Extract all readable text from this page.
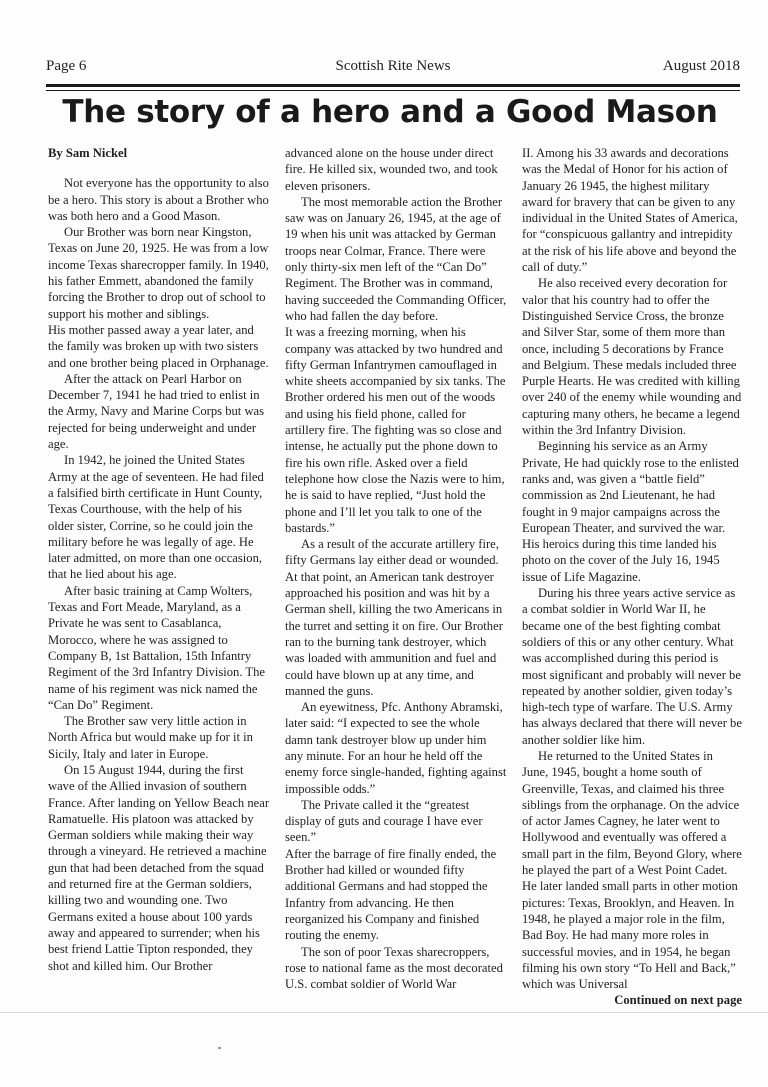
Page 6	Scottish Rite News	August 2018
The story of a hero and a Good Mason

By Sam Nickel

Not everyone has the opportunity to also be a hero. This story is about a Brother who was both hero and a Good Mason.

Our Brother was born near Kingston, Texas on June 20, 1925. He was from a low income Texas sharecropper family. In 1940, his father Emmett, abandoned the family forcing the Brother to drop out of school to support his mother and siblings.

His mother passed away a year later, and the family was broken up with two sisters and one brother being placed in Orphanage.

After the attack on Pearl Harbor on December 7, 1941 he had tried to enlist in the Army, Navy and Marine Corps but was rejected for being underweight and under age.

In 1942, he joined the United States Army at the age of seventeen. He had filed a falsified birth certificate in Hunt County, Texas Courthouse, with the help of his older sister, Corrine, so he could join the military before he was legally of age. He later admitted, on more than one occasion, that he lied about his age.

After basic training at Camp Wolters, Texas and Fort Meade, Maryland, as a Private he was sent to Casablanca, Morocco, where he was assigned to Company B, 1st Battalion, 15th Infantry Regiment of the 3rd Infantry Division. The name of his regiment was nick named the “Can Do” Regiment.

The Brother saw very little action in North Africa but would make up for it in Sicily, Italy and later in Europe.

On 15 August 1944, during the first wave of the Allied invasion of southern France. After landing on Yellow Beach near Ramatuelle. His platoon was attacked by German soldiers while making their way through a vineyard. He retrieved a machine gun that had been detached from the squad and returned fire at the German soldiers, killing two and wounding one. Two Germans exited a house about 100 yards away and appeared to surrender; when his best friend Lattie Tipton responded, they shot and killed him. Our Brother

advanced alone on the house under direct fire. He killed six, wounded two, and took eleven prisoners.

The most memorable action the Brother saw was on January 26, 1945, at the age of 19 when his unit was attacked by German troops near Colmar, France. There were only thirty-six men left of the “Can Do” Regiment. The Brother was in command, having succeeded the Commanding Officer, who had fallen the day before.

It was a freezing morning, when his company was attacked by two hundred and fifty German Infantrymen camouflaged in white sheets accompanied by six tanks. The Brother ordered his men out of the woods and using his field phone, called for artillery fire. The fighting was so close and intense, he actually put the phone down to fire his own rifle. Asked over a field telephone how close the Nazis were to him, he is said to have replied, “Just hold the phone and I’ll let you talk to one of the bastards.”

As a result of the accurate artillery fire, fifty Germans lay either dead or wounded. At that point, an American tank destroyer approached his position and was hit by a German shell, killing the two Americans in the turret and setting it on fire. Our Brother ran to the burning tank destroyer, which was loaded with ammunition and fuel and could have blown up at any time, and manned the guns.

An eyewitness, Pfc. Anthony Abramski, later said: “I expected to see the whole damn tank destroyer blow up under him any minute. For an hour he held off the enemy force single-handed, fighting against impossible odds.”

The Private called it the “greatest display of guts and courage I have ever seen.”

After the barrage of fire finally ended, the Brother had killed or wounded fifty additional Germans and had stopped the Infantry from advancing. He then reorganized his Company and finished routing the enemy.

The son of poor Texas sharecroppers, rose to national fame as the most decorated U.S. combat soldier of World War

II. Among his 33 awards and decorations was the Medal of Honor for his action of January 26 1945, the highest military award for bravery that can be given to any individual in the United States of America, for “conspicuous gallantry and intrepidity at the risk of his life above and beyond the call of duty.”

He also received every decoration for valor that his country had to offer the Distinguished Service Cross, the bronze and Silver Star, some of them more than once, including 5 decorations by France and Belgium. These medals included three Purple Hearts. He was credited with killing over 240 of the enemy while wounding and capturing many others, he became a legend within the 3rd Infantry Division.

Beginning his service as an Army Private, He had quickly rose to the enlisted ranks and, was given a “battle field” commission as 2nd Lieutenant, he had fought in 9 major campaigns across the European Theater, and survived the war. His heroics during this time landed his photo on the cover of the July 16, 1945 issue of Life Magazine.

During his three years active service as a combat soldier in World War II, he became one of the best fighting combat soldiers of this or any other century. What was accomplished during this period is most significant and probably will never be repeated by another soldier, given today’s high-tech type of warfare. The U.S. Army has always declared that there will never be another soldier like him.

He returned to the United States in June, 1945, bought a home south of Greenville, Texas, and claimed his three siblings from the orphanage. On the advice of actor James Cagney, he later went to Hollywood and eventually was offered a small part in the film, Beyond Glory, where he played the part of a West Point Cadet. He later landed small parts in other motion pictures: Texas, Brooklyn, and Heaven. In 1948, he played a major role in the film, Bad Boy. He had many more roles in successful movies, and in 1954, he began filming his own story “To Hell and Back,” which was Universal

Continued on next page
